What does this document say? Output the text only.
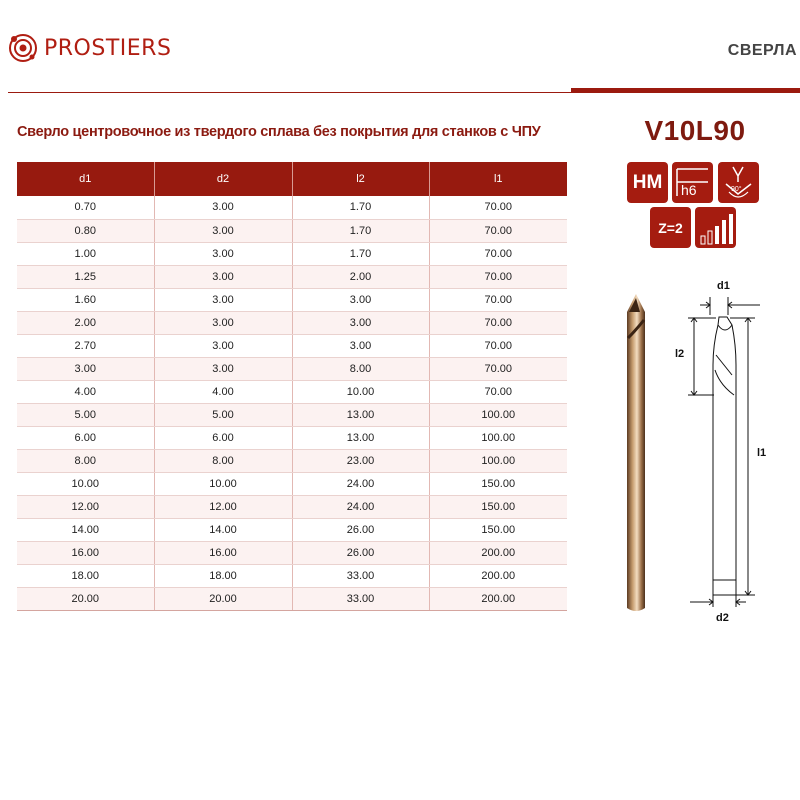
PROSTIERS	СВЕРЛА
Сверло центровочное из твердого сплава без покрытия для станков с ЧПУ	V10L90
d1	d2	l2	l1
0.70	3.00	1.70	70.00
0.80	3.00	1.70	70.00
1.00	3.00	1.70	70.00
1.25	3.00	2.00	70.00
1.60	3.00	3.00	70.00
2.00	3.00	3.00	70.00
2.70	3.00	3.00	70.00
3.00	3.00	8.00	70.00
4.00	4.00	10.00	70.00
5.00	5.00	13.00	100.00
6.00	6.00	13.00	100.00
8.00	8.00	23.00	100.00
10.00	10.00	24.00	150.00
12.00	12.00	24.00	150.00
14.00	14.00	26.00	150.00
16.00	16.00	26.00	200.00
18.00	18.00	33.00	200.00
20.00	20.00	33.00	200.00
HM	h6	90°
Z=2
d1
l2
l1
d2
